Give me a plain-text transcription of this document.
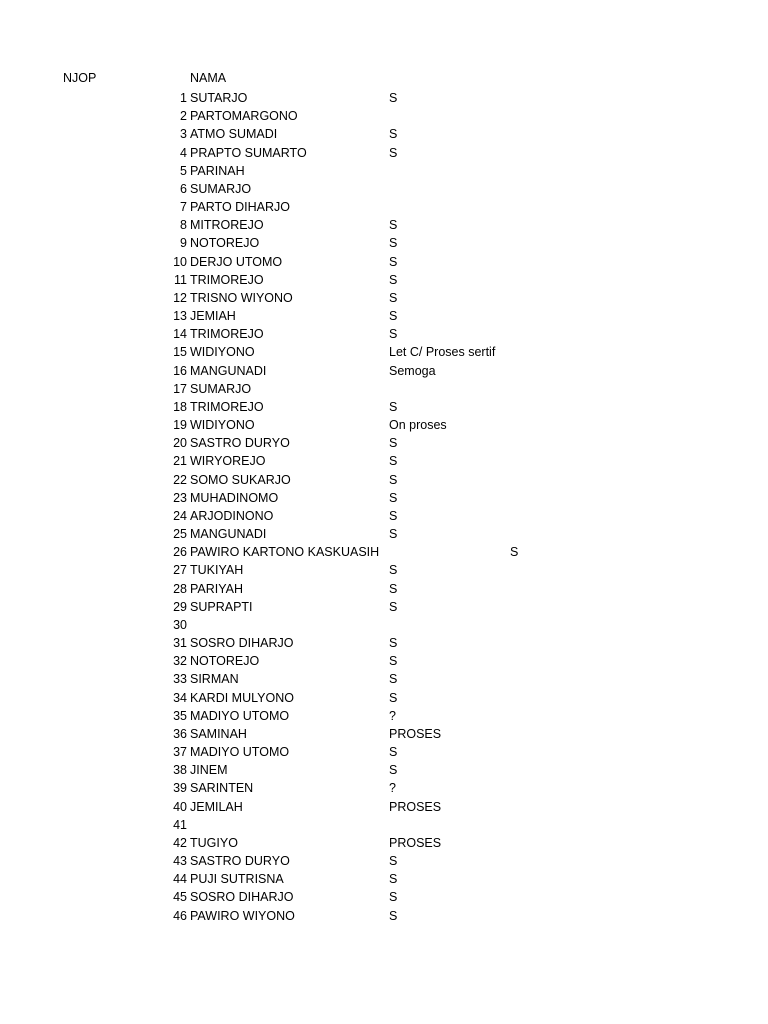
NJOP	NAMA
1 SUTARJO	S
2 PARTOMARGONO
3 ATMO SUMADI	S
4 PRAPTO SUMARTO	S
5 PARINAH
6 SUMARJO
7 PARTO DIHARJO
8 MITROREJO	S
9 NOTOREJO	S
10 DERJO UTOMO	S
11 TRIMOREJO	S
12 TRISNO WIYONO	S
13 JEMIAH	S
14 TRIMOREJO	S
15 WIDIYONO	Let C/ Proses sertif
16 MANGUNADI	Semoga
17 SUMARJO
18 TRIMOREJO	S
19 WIDIYONO	On proses
20 SASTRO DURYO	S
21 WIRYOREJO	S
22 SOMO SUKARJO	S
23 MUHADINOMO	S
24 ARJODINONO	S
25 MANGUNADI	S
26 PAWIRO KARTONO KASKUASIH	S
27 TUKIYAH	S
28 PARIYAH	S
29 SUPRAPTI	S
30
31 SOSRO DIHARJO	S
32 NOTOREJO	S
33 SIRMAN	S
34 KARDI MULYONO	S
35 MADIYO UTOMO	?
36 SAMINAH	PROSES
37 MADIYO UTOMO	S
38 JINEM	S
39 SARINTEN	?
40 JEMILAH	PROSES
41
42 TUGIYO	PROSES
43 SASTRO DURYO	S
44 PUJI SUTRISNA	S
45 SOSRO DIHARJO	S
46 PAWIRO WIYONO	S
